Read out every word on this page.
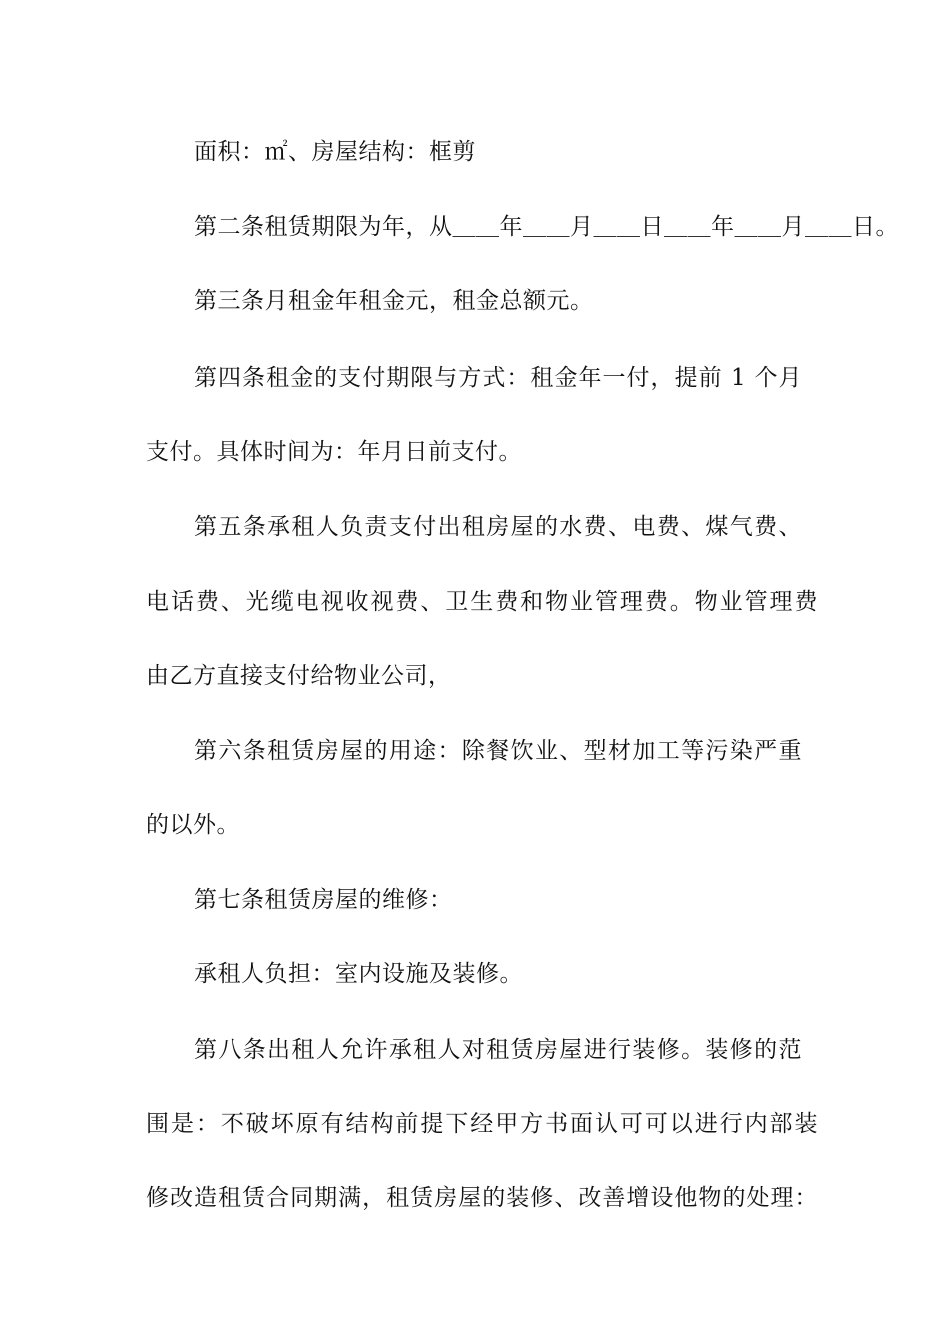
面积：㎡、房屋结构：框剪
第二条租赁期限为年，从＿＿年＿＿月＿＿日＿＿年＿＿月＿＿日。
第三条月租金年租金元，租金总额元。
第四条租金的支付期限与方式：租金年一付，提前 1 个月
支付。具体时间为：年月日前支付。
第五条承租人负责支付出租房屋的水费、电费、煤气费、
电话费、光缆电视收视费、卫生费和物业管理费。物业管理费
由乙方直接支付给物业公司，
第六条租赁房屋的用途：除餐饮业、型材加工等污染严重
的以外。
第七条租赁房屋的维修：
承租人负担：室内设施及装修。
第八条出租人允许承租人对租赁房屋进行装修。装修的范
围是：不破坏原有结构前提下经甲方书面认可可以进行内部装
修改造租赁合同期满，租赁房屋的装修、改善增设他物的处理：
